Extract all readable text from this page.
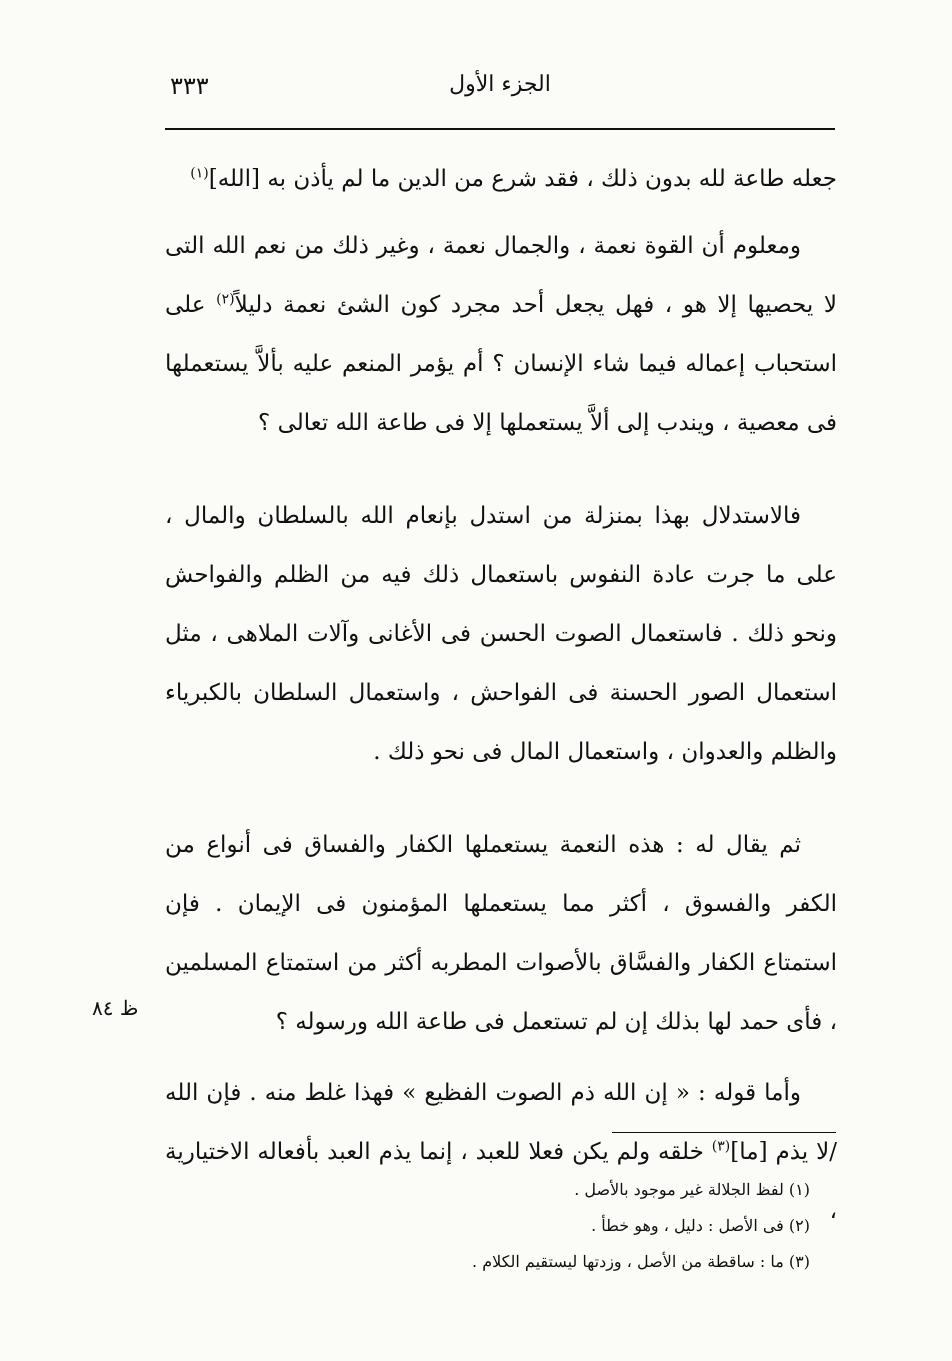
٣٣٣	الجزء الأول

جعله طاعة لله بدون ذلك ، فقد شرع من الدين ما لم يأذن به [الله]$^{(١)}$

ومعلوم أن القوة نعمة ، والجمال نعمة ، وغير ذلك من نعم الله التى لا يحصيها إلا هو ، فهل يجعل أحد مجرد كون الشئ نعمة دليلاً$^{(٢)}$ على استحباب إعماله فيما شاء الإنسان ؟ أم يؤمر المنعم عليه بألاَّ يستعملها فى معصية ، ويندب إلى ألاَّ يستعملها إلا فى طاعة الله تعالى ؟

فالاستدلال بهذا بمنزلة من استدل بإنعام الله بالسلطان والمال ، على ما جرت عادة النفوس باستعمال ذلك فيه من الظلم والفواحش ونحو ذلك . فاستعمال الصوت الحسن فى الأغانى وآلات الملاهى ، مثل استعمال الصور الحسنة فى الفواحش ، واستعمال السلطان بالكبرياء والظلم والعدوان ، واستعمال المال فى نحو ذلك .

ثم يقال له : هذه النعمة يستعملها الكفار والفساق فى أنواع من الكفر والفسوق ، أكثر مما يستعملها المؤمنون فى الإيمان . فإن استمتاع الكفار والفسَّاق بالأصوات المطربه أكثر من استمتاع المسلمين ، فأى حمد لها بذلك إن لم تستعمل فى طاعة الله ورسوله ؟

وأما قوله : « إن الله ذم الصوت الفظيع » فهذا غلط منه . فإن الله /لا يذم [ما]$^{(٣)}$ خلقه ولم يكن فعلا للعبد ، إنما يذم العبد بأفعاله الاختيارية ،

ظ ٨٤
(١) لفظ الجلالة غير موجود بالأصل .
(٢) فى الأصل : دليل ، وهو خطأ .
(٣) ما : ساقطة من الأصل ، وزدتها ليستقيم الكلام .
